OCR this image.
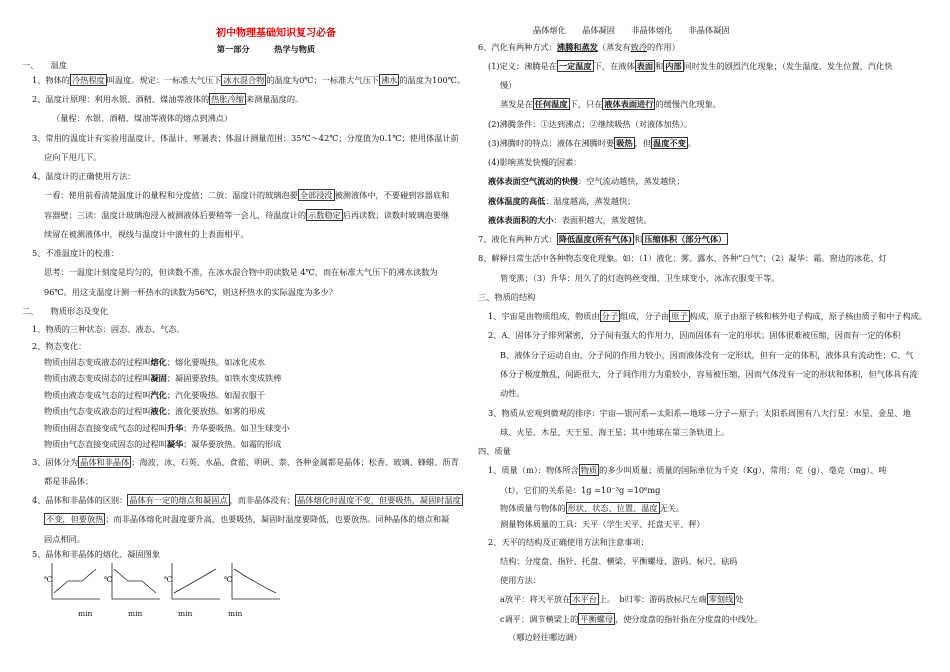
初中物理基础知识复习必备
第一部分　　　热学与物质
一、　　温度
1、物体的 冷热程度 叫温度。规定：一标准大气压下 冰水混合物 的温度为0℃；一标准大气压下 沸水 的温度为100℃。
2、温度计原理：利用水银、酒精、煤油等液体的 热胀冷缩 来测量温度的。
（量程：水银、酒精、煤油等液体的熔点到沸点）
3、常用的温度计有实验用温度计、体温计、寒暑表；体温计测量范围：35℃～42℃；分度值为0.1℃；使用体温计前
应向下甩几下。
4、温度计的正确使用方法：
一看：使用前看清楚温度计的量程和分度值；二放：温度计的玻璃泡要 全部浸没 被测液体中，不要碰到容器底和
容器壁；三读：温度计玻璃泡浸入被测液体后要稍等一会儿，待温度计的 示数稳定 后再读数；读数时玻璃泡要继
续留在被测液体中，视线与温度计中液柱的上表面相平。
5、不准温度计的校准：
思考：一温度计刻度是均匀的，但读数不准，在冰水混合物中的读数是 4℃，而在标准大气压下的沸水读数为
96℃。用这支温度计测一杯热水的读数为56℃，则这杯热水的实际温度为多少？
二、　　物质形态及变化
1、物质的三种状态：固态、液态、气态。
2、物态变化：
物质由固态变成液态的过程叫熔化；熔化要吸热。如冰化成水
物质由液态变成固态的过程叫凝固；凝固要放热。如铁水变成铁棒
物质由液态变成气态的过程叫汽化；汽化要吸热。如湿衣服干
物质由气态变成液态的过程叫液化；液化要放热。如雾的形成
物质由固态直接变成气态的过程叫升华；升华要吸热。如卫生球变小
物质由气态直接变成固态的过程叫凝华；凝华要放热。如霜的形成
3、固体分为 晶体和非晶体 ；海波、冰、石英、水晶、食盐、明矾、萘、各种金属都是晶体；松香、玻璃、蜂蜡、沥青
都是非晶体；
4、晶体和非晶体的区别： 晶体有一定的熔点和凝固点 ，而非晶体没有； 晶体熔化时温度不变，但要吸热，凝固时温度
不变，但要放热 ；而非晶体熔化时温度要升高，也要吸热，凝固时温度要降低，也要放热。同种晶体的熔点和凝
固点相同。
5、晶体和非晶体的熔化、凝固图象
℃	℃	℃	℃
min	min	min	min
晶体熔化　　晶体凝固　　非晶体熔化　　非晶体凝固
6、汽化有两种方式：沸腾和蒸发（蒸发有致冷的作用）
(1)定义：沸腾是在 一定温度 下，在液体 表面 和 内部 同时发生的剧烈汽化现象；（发生温度、发生位置、汽化快
慢）
蒸发是在 任何温度 下，只在 液体表面进行 的缓慢汽化现象。
(2)沸腾条件：①达到沸点；②继续吸热（对液体加热）。
(3)沸腾时的特点：液体在沸腾时要 吸热 ，但 温度不变 。
(4)影响蒸发快慢的因素：
液体表面空气流动的快慢：空气流动越快，蒸发越快；
液体温度的高低：温度越高，蒸发越快；
液体表面积的大小：表面积越大，蒸发越快。
7、液化有两种方式： 降低温度(所有气体) 和 压缩体积（部分气体）
8、解释日常生活中各种物态变化现象。如：（1）液化：雾、露水、各种“白气”；（2）凝华：霜、窗边的冰花、灯
管变黑；（3）升华：用久了的灯泡钨丝变细、卫生球变小、冰冻衣服变干等。
三、物质的结构
1、宇宙是由物质组成，物质由 分子 组成，分子由 原子 构成，原子由原子核和核外电子构成，原子核由质子和中子构成。
2、A、固体分子排列紧密，分子间有强大的作用力，因而固体有一定的形状；固体很难被压缩，因而有一定的体积
B、液体分子运动自由，分子间的作用力较小，因而液体没有一定形状，但有一定的体积，液体具有流动性；C、气
体分子极度散乱，间距很大，分子间作用力为重较小，容易被压缩，因而气体没有一定的形状和体积，但气体具有流
动性。
3、物质从宏观到微观的排序：宇宙—银河系—太阳系—地球—分子—原子；太阳系周围有八大行星：水星、金星、地
球、火星、木星、天王星、海王星；其中地球在第三条轨道上。
四、质量
1、质量（m）：物体所含 物质 的多少叫质量；质量的国际单位为千克（Kg），常用：克（g）、毫克（mg）、吨
（t），它们的关系是：1g =10⁻³g =10⁶mg
物体质量与物体的 形状、状态、位置、温度 无关。
测量物体质量的工具：天平（学生天平、托盘天平、秤）
2、天平的结构及正确使用方法和注意事项：
结构：分度盘、指针、托盘、横梁、平衡螺母、游码、标尺、砝码
使用方法：
a放平：将天平放在 水平台 上。　b归零：游码放标尺左端 零刻线 处
c调平：调节横梁上的 平衡螺母 ，使分度盘的指针指在分度盘的中线处。
（哪边轻往哪边调）
